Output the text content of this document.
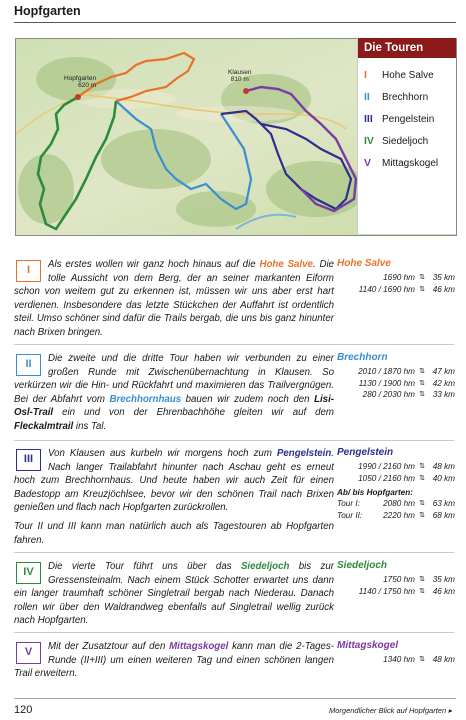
Hopfgarten
Hopfgarten
620 m
Klausen
810 m
Die Touren
I	Hohe Salve
II	Brechhorn
III Pengelstein
IV Siedeljoch
V	Mittagskogel
I	Als erstes wollen wir ganz hoch hinaus auf die Hohe Salve. Die tolle Aussicht von dem Berg, der an seiner markanten Eiform schon von weitem gut zu erkennen ist, müssen wir uns aber erst hart verdienen. Insbesondere das letzte Stückchen der Auffahrt ist ordentlich steil. Umso schöner sind dafür die Trails bergab, die uns bis ganz hinunter nach Brixen bringen.
Hohe Salve
1690 hm ⇅ 35 km
1140 / 1690 hm ⇅ 46 km
II	Die zweite und die dritte Tour haben wir verbunden zu einer großen Runde mit Zwischenübernachtung in Klausen. So verkürzen wir die Hin- und Rückfahrt und maximieren das Trailvergnügen. Bei der Abfahrt vom Brechhornhaus bauen wir zudem noch den Lisi-Osl-Trail ein und von der Ehrenbachhöhe gleiten wir auf dem Fleckalmtrail ins Tal.
Brechhorn
2010 / 1870 hm ⇅ 47 km
1130 / 1900 hm ⇅ 42 km
280 / 2030 hm ⇅ 33 km
III	Von Klausen aus kurbeln wir morgens hoch zum Pengelstein. Nach langer Trailabfahrt hinunter nach Aschau geht es erneut hoch zum Brechhornhaus. Und heute haben wir auch Zeit für einen Badestopp am Kreuzjöchlsee, bevor wir den schönen Trail nach Brixen genießen und flach nach Hopfgarten zurückrollen.
Tour II und III kann man natürlich auch als Tagestouren ab Hopfgarten fahren.
Pengelstein
1990 / 2160 hm ⇅ 48 km
1050 / 2160 hm ⇅ 40 km
Ab/ bis Hopfgarten:
Tour I:	2080 hm ⇅ 63 km
Tour II:	2220 hm ⇅ 68 km
IV	Die vierte Tour führt uns über das Siedeljoch bis zur Gressensteinalm. Nach einem Stück Schotter erwartet uns dann ein langer traumhaft schöner Singletrail bergab nach Niederau. Danach rollen wir über den Waldrandweg ebenfalls auf Singletrail wellig zurück nach Hopfgarten.
Siedeljoch
1750 hm ⇅ 35 km
1140 / 1750 hm ⇅ 46 km
V	Mit der Zusatztour auf den Mittagskogel kann man die 2-Tages-Runde (II+III) um einen weiteren Tag und einen schönen langen Trail erweitern.
Mittagskogel
1340 hm ⇅ 48 km
120	Morgendlicher Blick auf Hopfgarten ▸
